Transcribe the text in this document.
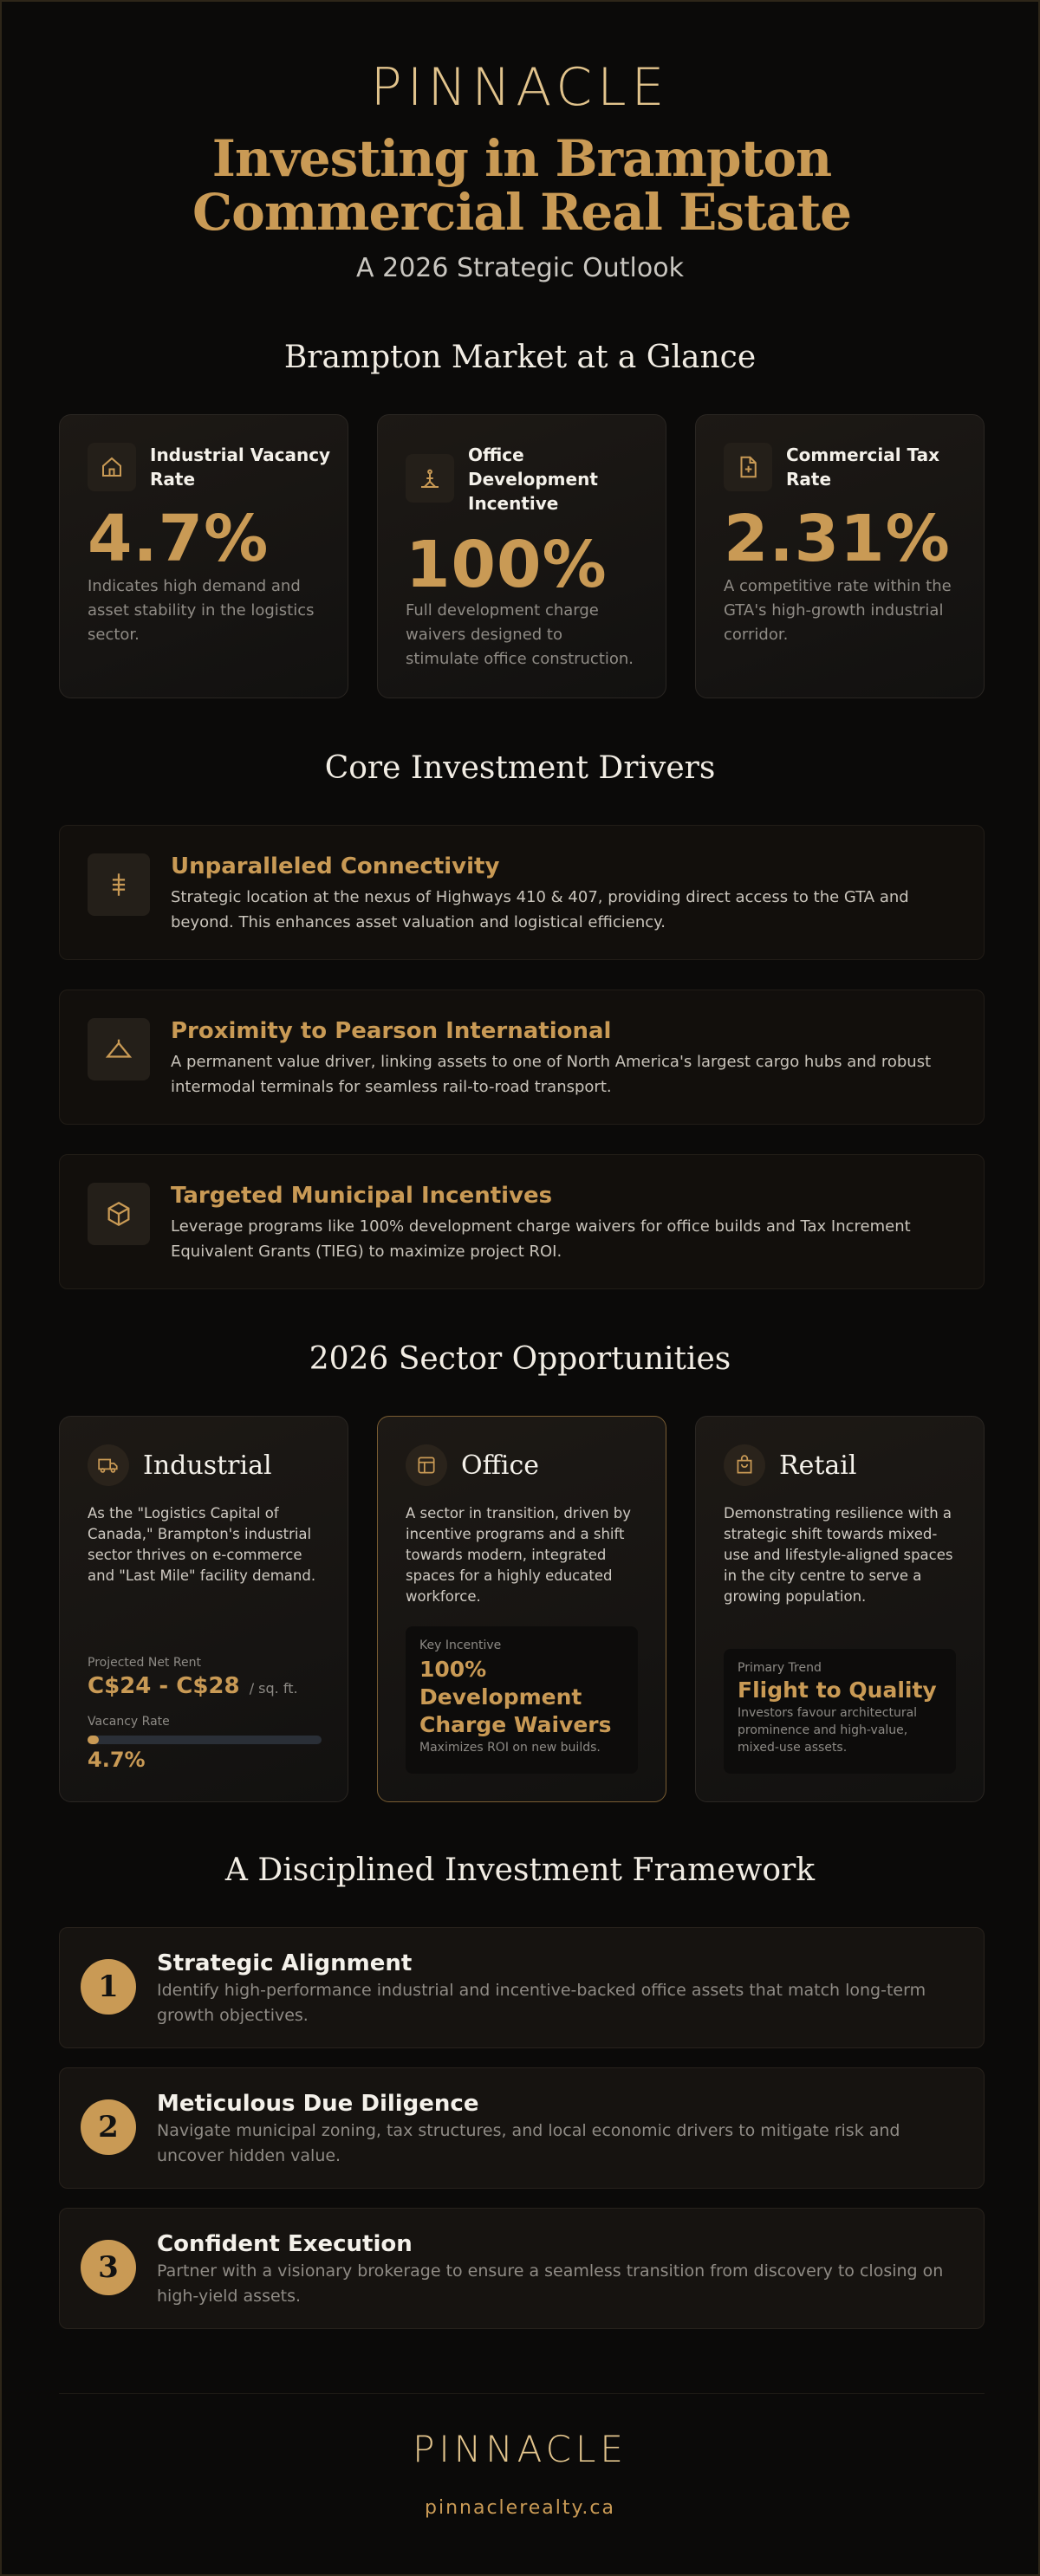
PINNACLE
Investing in Brampton Commercial Real Estate
A 2026 Strategic Outlook
Brampton Market at a Glance
Industrial Vacancy Rate
4.7%
Indicates high demand and asset stability in the logistics sector.
Office Development Incentive
100%
Full development charge waivers designed to stimulate office construction.
Commercial Tax Rate
2.31%
A competitive rate within the GTA's high-growth industrial corridor.
Core Investment Drivers
Unparalleled Connectivity
Strategic location at the nexus of Highways 410 & 407, providing direct access to the GTA and beyond. This enhances asset valuation and logistical efficiency.
Proximity to Pearson International
A permanent value driver, linking assets to one of North America's largest cargo hubs and robust intermodal terminals for seamless rail-to-road transport.
Targeted Municipal Incentives
Leverage programs like 100% development charge waivers for office builds and Tax Increment Equivalent Grants (TIEG) to maximize project ROI.
2026 Sector Opportunities
Industrial
As the "Logistics Capital of Canada," Brampton's industrial sector thrives on e-commerce and "Last Mile" facility demand.
Projected Net Rent
C$24 - C$28 / sq. ft.
Vacancy Rate
4.7%
Office
A sector in transition, driven by incentive programs and a shift towards modern, integrated spaces for a highly educated workforce.
Key Incentive
100% Development Charge Waivers
Maximizes ROI on new builds.
Retail
Demonstrating resilience with a strategic shift towards mixed-use and lifestyle-aligned spaces in the city centre to serve a growing population.
Primary Trend
Flight to Quality
Investors favour architectural prominence and high-value, mixed-use assets.
A Disciplined Investment Framework
1
Strategic Alignment
Identify high-performance industrial and incentive-backed office assets that match long-term growth objectives.
2
Meticulous Due Diligence
Navigate municipal zoning, tax structures, and local economic drivers to mitigate risk and uncover hidden value.
3
Confident Execution
Partner with a visionary brokerage to ensure a seamless transition from discovery to closing on high-yield assets.
PINNACLE
pinnaclerealty.ca
